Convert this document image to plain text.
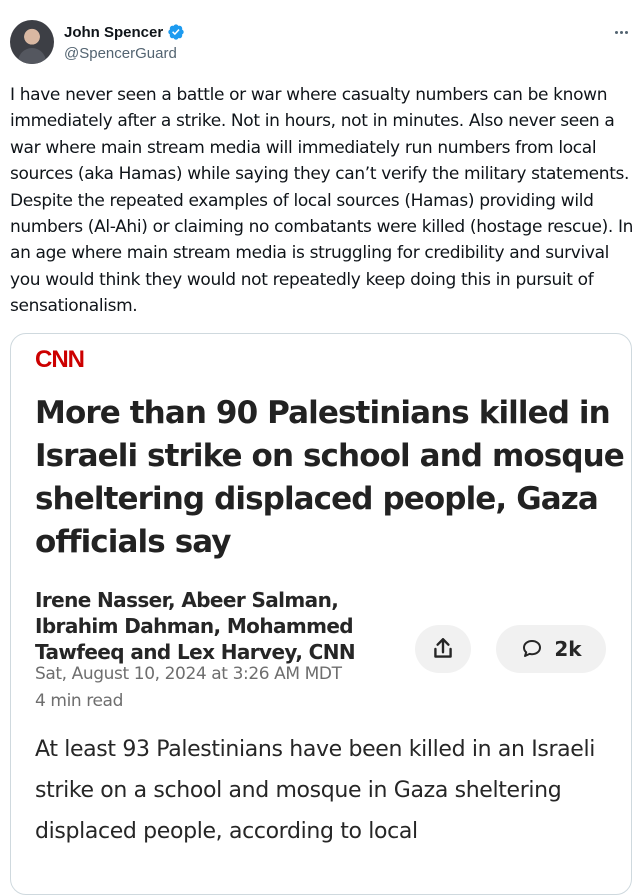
John Spencer
@SpencerGuard
I have never seen a battle or war where casualty numbers can be known immediately after a strike. Not in hours, not in minutes. Also never seen a war where main stream media will immediately run numbers from local sources (aka Hamas) while saying they can’t verify the military statements. Despite the repeated examples of local sources (Hamas) providing wild numbers (Al-Ahi) or claiming no combatants were killed (hostage rescue). In an age where main stream media is struggling for credibility and survival you would think they would not repeatedly keep doing this in pursuit of sensationalism.
CNN
More than 90 Palestinians killed in Israeli strike on school and mosque sheltering displaced people, Gaza officials say
Irene Nasser, Abeer Salman, Ibrahim Dahman, Mohammed Tawfeeq and Lex Harvey, CNN
Sat, August 10, 2024 at 3:26 AM MDT
4 min read
2k
At least 93 Palestinians have been killed in an Israeli strike on a school and mosque in Gaza sheltering displaced people, according to local
